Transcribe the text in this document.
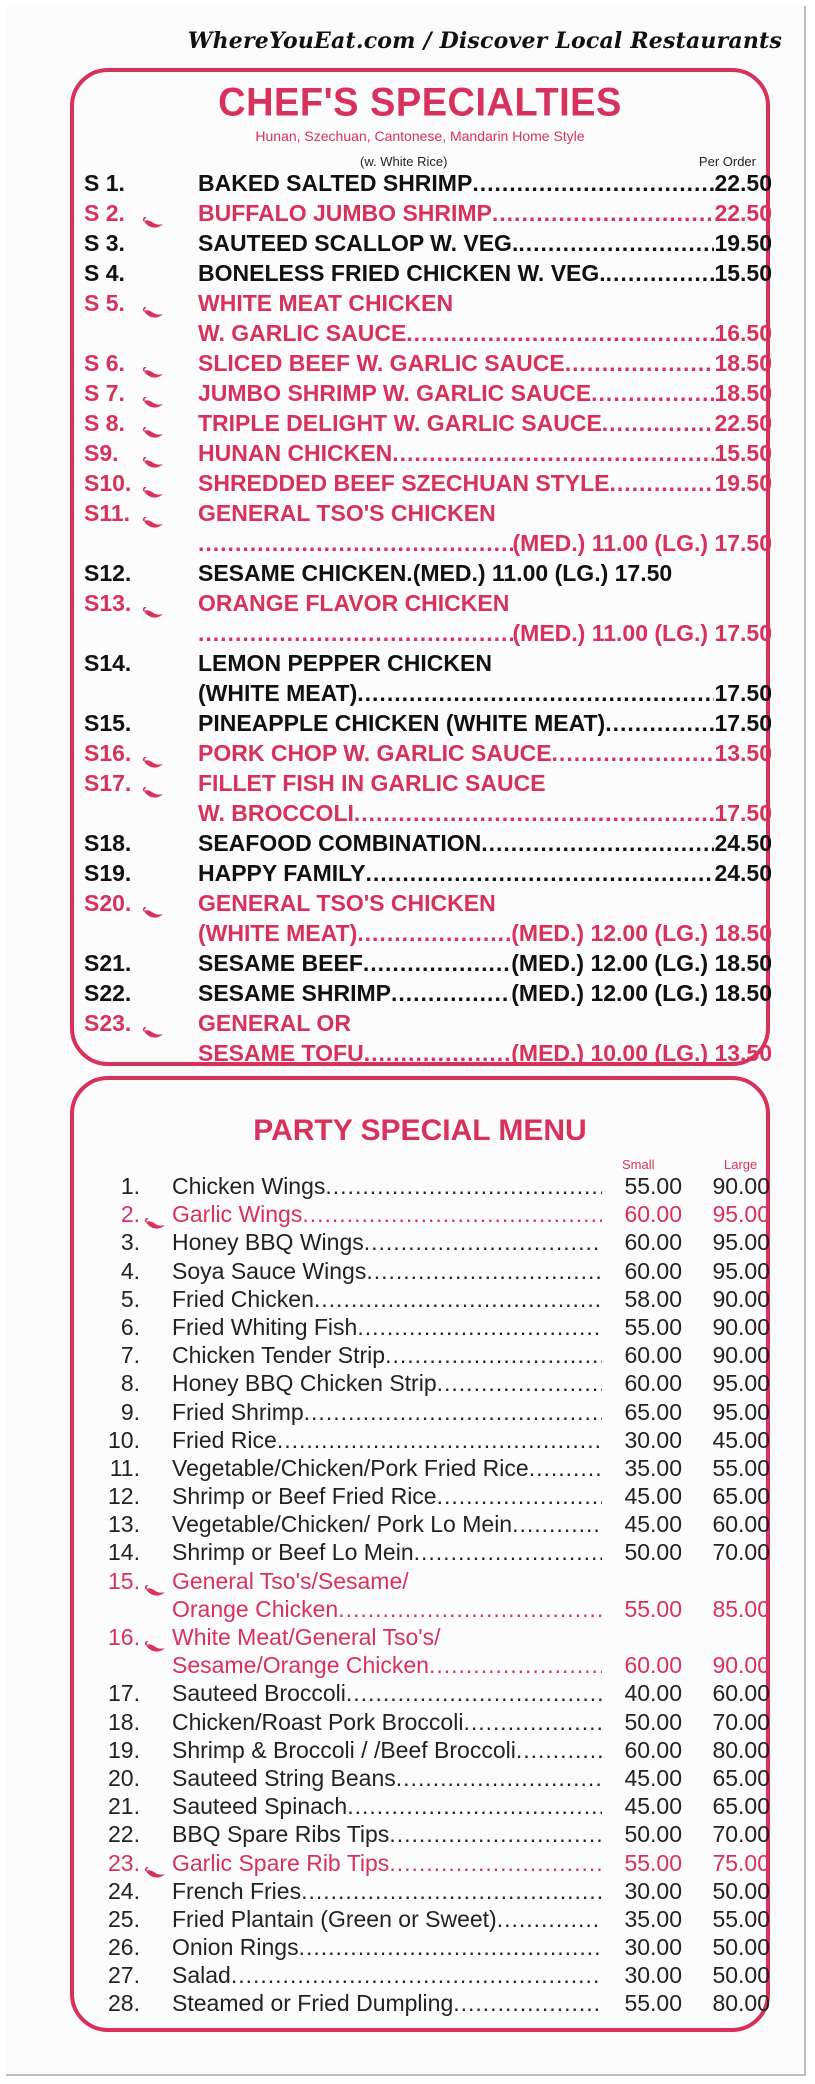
WhereYouEat.com / Discover Local Restaurants
CHEF'S SPECIALTIES
Hunan, Szechuan, Cantonese, Mandarin Home Style
(w. White Rice)	Per Order
S 1.	BAKED SALTED SHRIMP .....	22.50
S 2.	BUFFALO JUMBO SHRIMP .....	22.50
S 3.	SAUTEED SCALLOP W. VEG. .....	19.50
S 4.	BONELESS FRIED CHICKEN W. VEG. .....	15.50
S 5.	WHITE MEAT CHICKEN
W. GARLIC SAUCE .....	16.50
S 6.	SLICED BEEF W. GARLIC SAUCE .....	18.50
S 7.	JUMBO SHRIMP W. GARLIC SAUCE .....	18.50
S 8.	TRIPLE DELIGHT W. GARLIC SAUCE .....	22.50
S9.	HUNAN CHICKEN .....	15.50
S10.	SHREDDED BEEF SZECHUAN STYLE .....	19.50
S11.	GENERAL TSO'S CHICKEN
.....
(MED.) 11.00 (LG.) 17.50
S12.	SESAME CHICKEN. (MED.) 11.00 (LG.) 17.50
S13.	ORANGE FLAVOR CHICKEN
.....
(MED.) 11.00 (LG.) 17.50
S14.	LEMON PEPPER CHICKEN
(WHITE MEAT) .....	17.50
S15.	PINEAPPLE CHICKEN (WHITE MEAT) .....	17.50
S16.	PORK CHOP W. GARLIC SAUCE .....	13.50
S17.	FILLET FISH IN GARLIC SAUCE
W. BROCCOLI .....	17.50
S18.	SEAFOOD COMBINATION .....	24.50
S19.	HAPPY FAMILY .....	24.50
S20.	GENERAL TSO'S CHICKEN
(WHITE MEAT) .....	(MED.) 12.00 (LG.) 18.50
S21.	SESAME BEEF .....	(MED.) 12.00 (LG.) 18.50
S22.	SESAME SHRIMP .....	(MED.) 12.00 (LG.) 18.50
S23.	GENERAL OR
SESAME TOFU .....	(MED.) 10.00 (LG.) 13.50
PARTY SPECIAL MENU
Small	Large
1. Chicken Wings .....	55.00	90.00
2. Garlic Wings .....	60.00	95.00
3. Honey BBQ Wings .....	60.00	95.00
4. Soya Sauce Wings .....	60.00	95.00
5. Fried Chicken .....	58.00	90.00
6. Fried Whiting Fish .....	55.00	90.00
7. Chicken Tender Strip .....	60.00	90.00
8. Honey BBQ Chicken Strip .....	60.00	95.00
9. Fried Shrimp .....	65.00	95.00
10. Fried Rice .....	30.00	45.00
11. Vegetable/Chicken/Pork Fried Rice .....	35.00	55.00
12. Shrimp or Beef Fried Rice .....	45.00	65.00
13. Vegetable/Chicken/ Pork Lo Mein .....	45.00	60.00
14. Shrimp or Beef Lo Mein .....	50.00	70.00
15. General Tso's/Sesame/
Orange Chicken .....	55.00	85.00
16. White Meat/General Tso's/
Sesame/Orange Chicken .....	60.00	90.00
17. Sauteed Broccoli .....	40.00	60.00
18. Chicken/Roast Pork Broccoli .....	50.00	70.00
19. Shrimp & Broccoli / /Beef Broccoli .....	60.00	80.00
20. Sauteed String Beans .....	45.00	65.00
21. Sauteed Spinach .....	45.00	65.00
22. BBQ Spare Ribs Tips .....	50.00	70.00
23. Garlic Spare Rib Tips .....	55.00	75.00
24. French Fries .....	30.00	50.00
25. Fried Plantain (Green or Sweet) .....	35.00	55.00
26. Onion Rings .....	30.00	50.00
27. Salad .....	30.00	50.00
28. Steamed or Fried Dumpling .....	55.00	80.00
